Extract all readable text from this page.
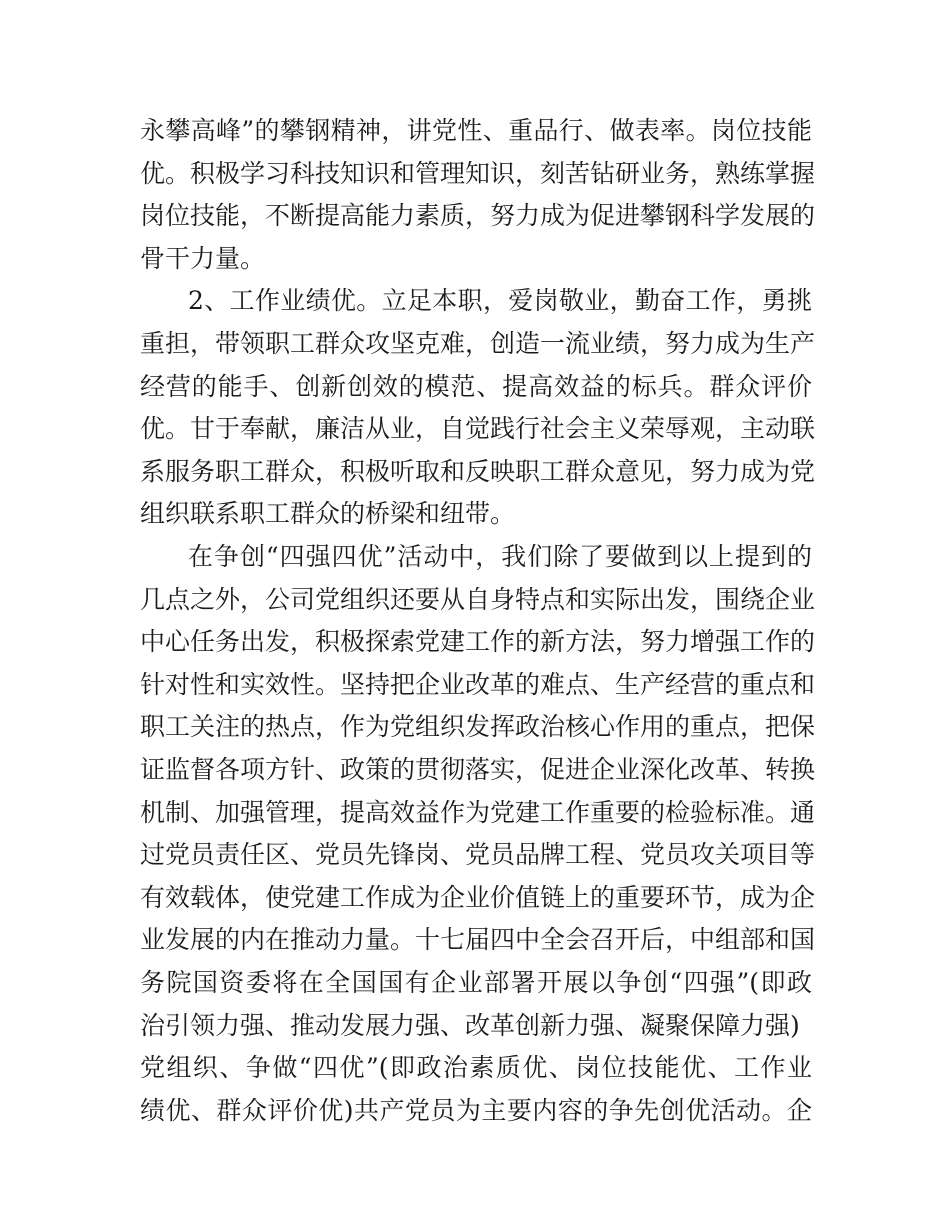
永攀高峰”的攀钢精神，讲党性、重品行、做表率。岗位技能
优。积极学习科技知识和管理知识，刻苦钻研业务，熟练掌握
岗位技能，不断提高能力素质，努力成为促进攀钢科学发展的
骨干力量。
2、工作业绩优。立足本职，爱岗敬业，勤奋工作，勇挑
重担，带领职工群众攻坚克难，创造一流业绩，努力成为生产
经营的能手、创新创效的模范、提高效益的标兵。群众评价
优。甘于奉献，廉洁从业，自觉践行社会主义荣辱观，主动联
系服务职工群众，积极听取和反映职工群众意见，努力成为党
组织联系职工群众的桥梁和纽带。
在争创“四强四优”活动中，我们除了要做到以上提到的
几点之外，公司党组织还要从自身特点和实际出发，围绕企业
中心任务出发，积极探索党建工作的新方法，努力增强工作的
针对性和实效性。坚持把企业改革的难点、生产经营的重点和
职工关注的热点，作为党组织发挥政治核心作用的重点，把保
证监督各项方针、政策的贯彻落实，促进企业深化改革、转换
机制、加强管理，提高效益作为党建工作重要的检验标准。通
过党员责任区、党员先锋岗、党员品牌工程、党员攻关项目等
有效载体，使党建工作成为企业价值链上的重要环节，成为企
业发展的内在推动力量。十七届四中全会召开后，中组部和国
务院国资委将在全国国有企业部署开展以争创“四强”(即政
治引领力强、推动发展力强、改革创新力强、凝聚保障力强)
党组织、争做“四优”(即政治素质优、岗位技能优、工作业
绩优、群众评价优)共产党员为主要内容的争先创优活动。企
